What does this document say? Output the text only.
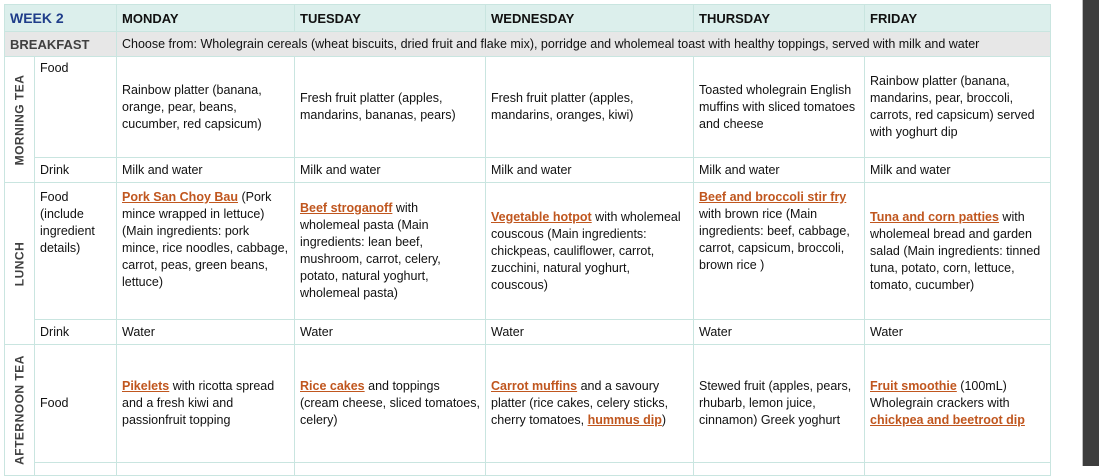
WEEK 2		MONDAY	TUESDAY	WEDNESDAY	THURSDAY	FRIDAY
BREAKFAST		Choose from: Wholegrain cereals (wheat biscuits, dried fruit and flake mix), porridge and wholemeal toast with healthy toppings, served with milk and water				

MORNING TEA	Food	Rainbow platter (banana, orange, pear, beans, cucumber, red capsicum)	Fresh fruit platter (apples, mandarins, bananas, pears)	Fresh fruit platter (apples, mandarins, oranges, kiwi)	Toasted wholegrain English muffins with sliced tomatoes and cheese	Rainbow platter (banana, mandarins, pear, broccoli, carrots, red capsicum) served with yoghurt dip
	Drink	Milk and water	Milk and water	Milk and water	Milk and water	Milk and water

LUNCH	Food (include ingredient details)	Pork San Choy Bau (Pork mince wrapped in lettuce) (Main ingredients: pork mince, rice noodles, cabbage, carrot, peas, green beans, lettuce)	Beef stroganoff with wholemeal pasta (Main ingredients: lean beef, mushroom, carrot, celery, potato, natural yoghurt, wholemeal pasta)	Vegetable hotpot with wholemeal couscous (Main ingredients: chickpeas, cauliflower, carrot, zucchini, natural yoghurt, couscous)	Beef and broccoli stir fry with brown rice (Main ingredients: beef, cabbage, carrot, capsicum, broccoli, brown rice )	Tuna and corn patties with wholemeal bread and garden salad (Main ingredients: tinned tuna, potato, corn, lettuce, tomato, cucumber)
	Drink	Water	Water	Water	Water	Water

AFTERNOON TEA	Food	Pikelets with ricotta spread and a fresh kiwi and passionfruit topping	Rice cakes and toppings (cream cheese, sliced tomatoes, celery)	Carrot muffins and a savoury platter (rice cakes, celery sticks, cherry tomatoes, hummus dip)	Stewed fruit (apples, pears, rhubarb, lemon juice, cinnamon) Greek yoghurt	Fruit smoothie (100mL) Wholegrain crackers with chickpea and beetroot dip
